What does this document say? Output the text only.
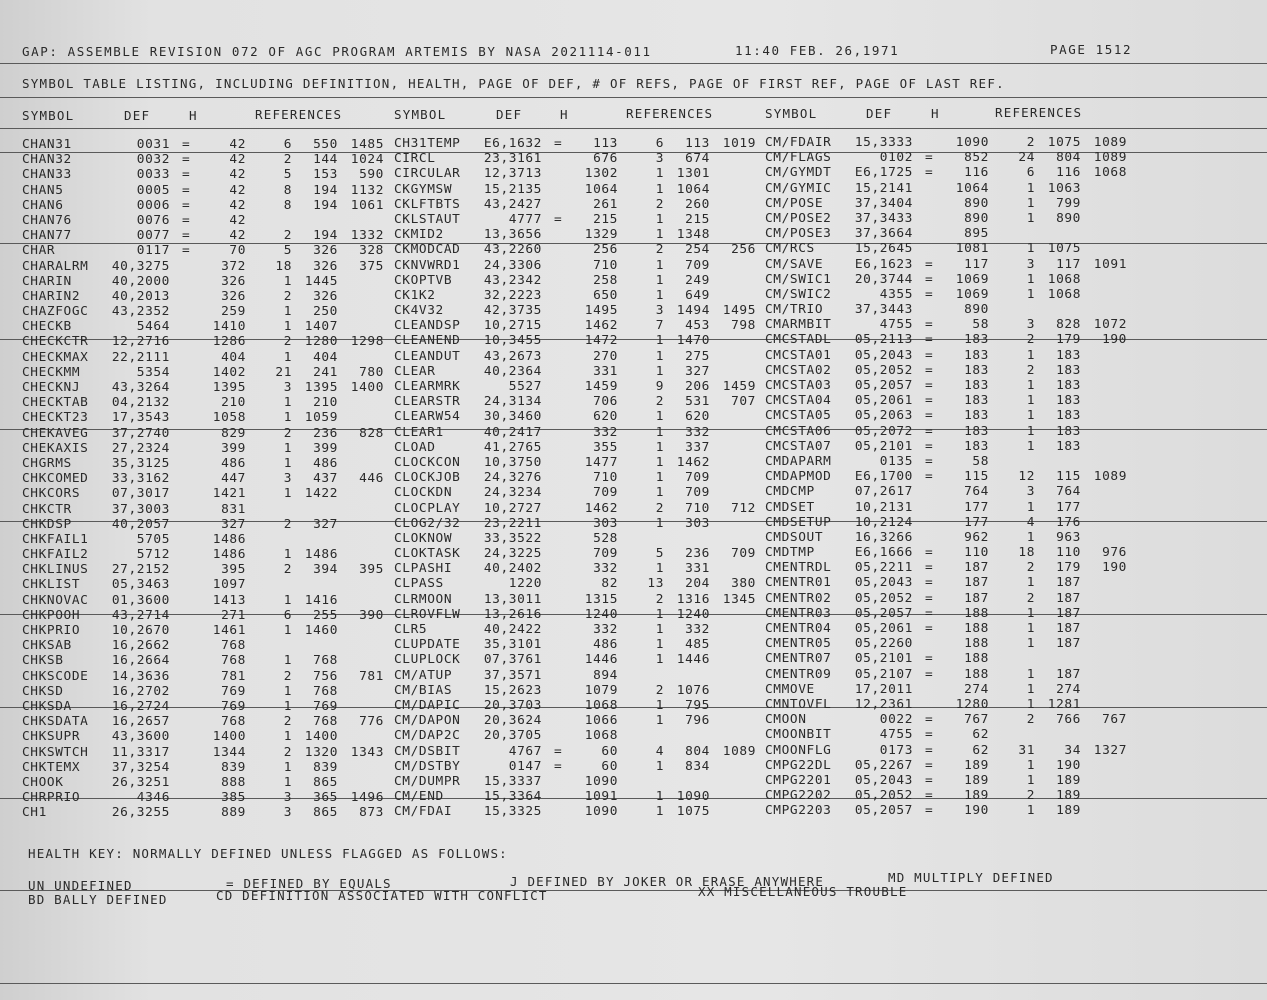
GAP: ASSEMBLE REVISION 072 OF AGC PROGRAM ARTEMIS BY NASA 2021114-011	11:40 FEB. 26,1971	PAGE 1512
SYMBOL TABLE LISTING, INCLUDING DEFINITION, HEALTH, PAGE OF DEF, # OF REFS, PAGE OF FIRST REF, PAGE OF LAST REF.
SYMBOL	DEF	H	REFERENCES	SYMBOL	DEF	H	REFERENCES	SYMBOL	DEF	H	REFERENCES
CHAN31	0031 =	42	6	550 1485
CHAN32	0032 =	42	2	144 1024
CHAN33	0033 =	42	5	153	590
CHAN5	0005 =	42	8	194 1132
CHAN6	0006 =	42	8	194 1061
CHAN76	0076 =	42
CHAN77	0077 =	42	2	194 1332
CHAR	0117 =	70	5	326	328
CHARALRM	40,3275	372	18	326	375
CHARIN	40,2000	326	1 1445
CHARIN2	40,2013	326	2	326
CHAZFOGC	43,2352	259	1	250
CHECKB	5464	1410	1 1407
CHECKCTR	12,2716	1286	2 1280 1298
CHECKMAX	22,2111	404	1	404
CHECKMM	5354	1402	21	241	780
CHECKNJ	43,3264	1395	3 1395 1400
CHECKTAB	04,2132	210	1	210
CHECKT23	17,3543	1058	1 1059
CHEKAVEG	37,2740	829	2	236	828
CHEKAXIS	27,2324	399	1	399
CHGRMS	35,3125	486	1	486
CHKCOMED	33,3162	447	3	437	446
CHKCORS	07,3017	1421	1 1422
CHKCTR	37,3003	831
CHKDSP	40,2057	327	2	327
CHKFAIL1	5705	1486
CHKFAIL2	5712	1486	1 1486
CHKLINUS	27,2152	395	2	394	395
CHKLIST	05,3463	1097
CHKNOVAC	01,3600	1413	1 1416
CHKPOOH	43,2714	271	6	255	390
CHKPRIO	10,2670	1461	1 1460
CHKSAB	16,2662	768
CHKSB	16,2664	768	1	768
CHKSCODE	14,3636	781	2	756	781
CHKSD	16,2702	769	1	768
CHKSDA	16,2724	769	1	769
CHKSDATA	16,2657	768	2	768	776
CHKSUPR	43,3600	1400	1 1400
CHKSWTCH	11,3317	1344	2 1320 1343
CHKTEMX	37,3254	839	1	839
CHOOK	26,3251	888	1	865
CHRPRIO	4346	385	3	365 1496
CH1	26,3255	889	3	865	873
CH31TEMP	E6,1632 =	113	6	113 1019
CIRCL	23,3161	676	3	674
CIRCULAR	12,3713	1302	1 1301
CKGYMSW	15,2135	1064	1 1064
CKLFTBTS	43,2427	261	2	260
CKLSTAUT	4777 =	215	1	215
CKMID2	13,3656	1329	1 1348
CKMODCAD	43,2260	256	2	254	256
CKNVWRD1	24,3306	710	1	709
CKOPTVB	43,2342	258	1	249
CK1K2	32,2223	650	1	649
CK4V32	42,3735	1495	3 1494 1495
CLEANDSP	10,2715	1462	7	453	798
CLEANEND	10,3455	1472	1 1470
CLEANDUT	43,2673	270	1	275
CLEAR	40,2364	331	1	327
CLEARMRK	5527	1459	9	206 1459
CLEARSTR	24,3134	706	2	531	707
CLEARW54	30,3460	620	1	620
CLEAR1	40,2417	332	1	332
CLOAD	41,2765	355	1	337
CLOCKCON	10,3750	1477	1 1462
CLOCKJOB	24,3276	710	1	709
CLOCKDN	24,3234	709	1	709
CLOCPLAY	10,2727	1462	2	710	712
CLOG2/32	23,2211	303	1	303
CLOKNOW	33,3522	528
CLOKTASK	24,3225	709	5	236	709
CLPASHI	40,2402	332	1	331
CLPASS	1220	82	13	204	380
CLRMOON	13,3011	1315	2 1316 1345
CLROVFLW	13,2616	1240	1 1240
CLR5	40,2422	332	1	332
CLUPDATE	35,3101	486	1	485
CLUPLOCK	07,3761	1446	1 1446
CM/ATUP	37,3571	894
CM/BIAS	15,2623	1079	2 1076
CM/DAPIC	20,3703	1068	1	795
CM/DAPON	20,3624	1066	1	796
CM/DAP2C	20,3705	1068
CM/DSBIT	4767 =	60	4	804 1089
CM/DSTBY	0147 =	60	1	834
CM/DUMPR	15,3337	1090
CM/END	15,3364	1091	1 1090
CM/FDAI	15,3325	1090	1 1075
CM/FDAIR	15,3333	1090	2 1075 1089
CM/FLAGS	0102 =	852	24	804 1089
CM/GYMDT	E6,1725 =	116	6	116 1068
CM/GYMIC	15,2141	1064	1 1063
CM/POSE	37,3404	890	1	799
CM/POSE2	37,3433	890	1	890
CM/POSE3	37,3664	895
CM/RCS	15,2645	1081	1 1075
CM/SAVE	E6,1623 =	117	3	117 1091
CM/SWIC1	20,3744 =	1069	1 1068
CM/SWIC2	4355 =	1069	1 1068
CM/TRIO	37,3443	890
CMARMBIT	4755 =	58	3	828 1072
CMCSTADL	05,2113 =	183	2	179	190
CMCSTA01	05,2043 =	183	1	183
CMCSTA02	05,2052 =	183	2	183
CMCSTA03	05,2057 =	183	1	183
CMCSTA04	05,2061 =	183	1	183
CMCSTA05	05,2063 =	183	1	183
CMCSTA06	05,2072 =	183	1	183
CMCSTA07	05,2101 =	183	1	183
CMDAPARM	0135 =	58
CMDAPMOD	E6,1700 =	115	12	115 1089
CMDCMP	07,2617	764	3	764
CMDSET	10,2131	177	1	177
CMDSETUP	10,2124	177	4	176
CMDSOUT	16,3266	962	1	963
CMDTMP	E6,1666 =	110	18	110	976
CMENTRDL	05,2211 =	187	2	179	190
CMENTR01	05,2043 =	187	1	187
CMENTR02	05,2052 =	187	2	187
CMENTR03	05,2057 =	188	1	187
CMENTR04	05,2061 =	188	1	187
CMENTR05	05,2260	188	1	187
CMENTR07	05,2101 =	188
CMENTR09	05,2107 =	188	1	187
CMMOVE	17,2011	274	1	274
CMNTOVFL	12,2361	1280	1 1281
CMOON	0022 =	767	2	766	767
CMOONBIT	4755 =	62
CMOONFLG	0173 =	62	31	34 1327
CMPG22DL	05,2267 =	189	1	190
CMPG2201	05,2043 =	189	1	189
CMPG2202	05,2052 =	189	2	189
CMPG2203	05,2057 =	190	1	189
HEALTH KEY: NORMALLY DEFINED UNLESS FLAGGED AS FOLLOWS:
UN UNDEFINED	= DEFINED BY EQUALS	J DEFINED BY JOKER OR ERASE ANYWHERE	MD MULTIPLY DEFINED
BD BALLY DEFINED	CD DEFINITION ASSOCIATED WITH CONFLICT	XX MISCELLANEOUS TROUBLE
